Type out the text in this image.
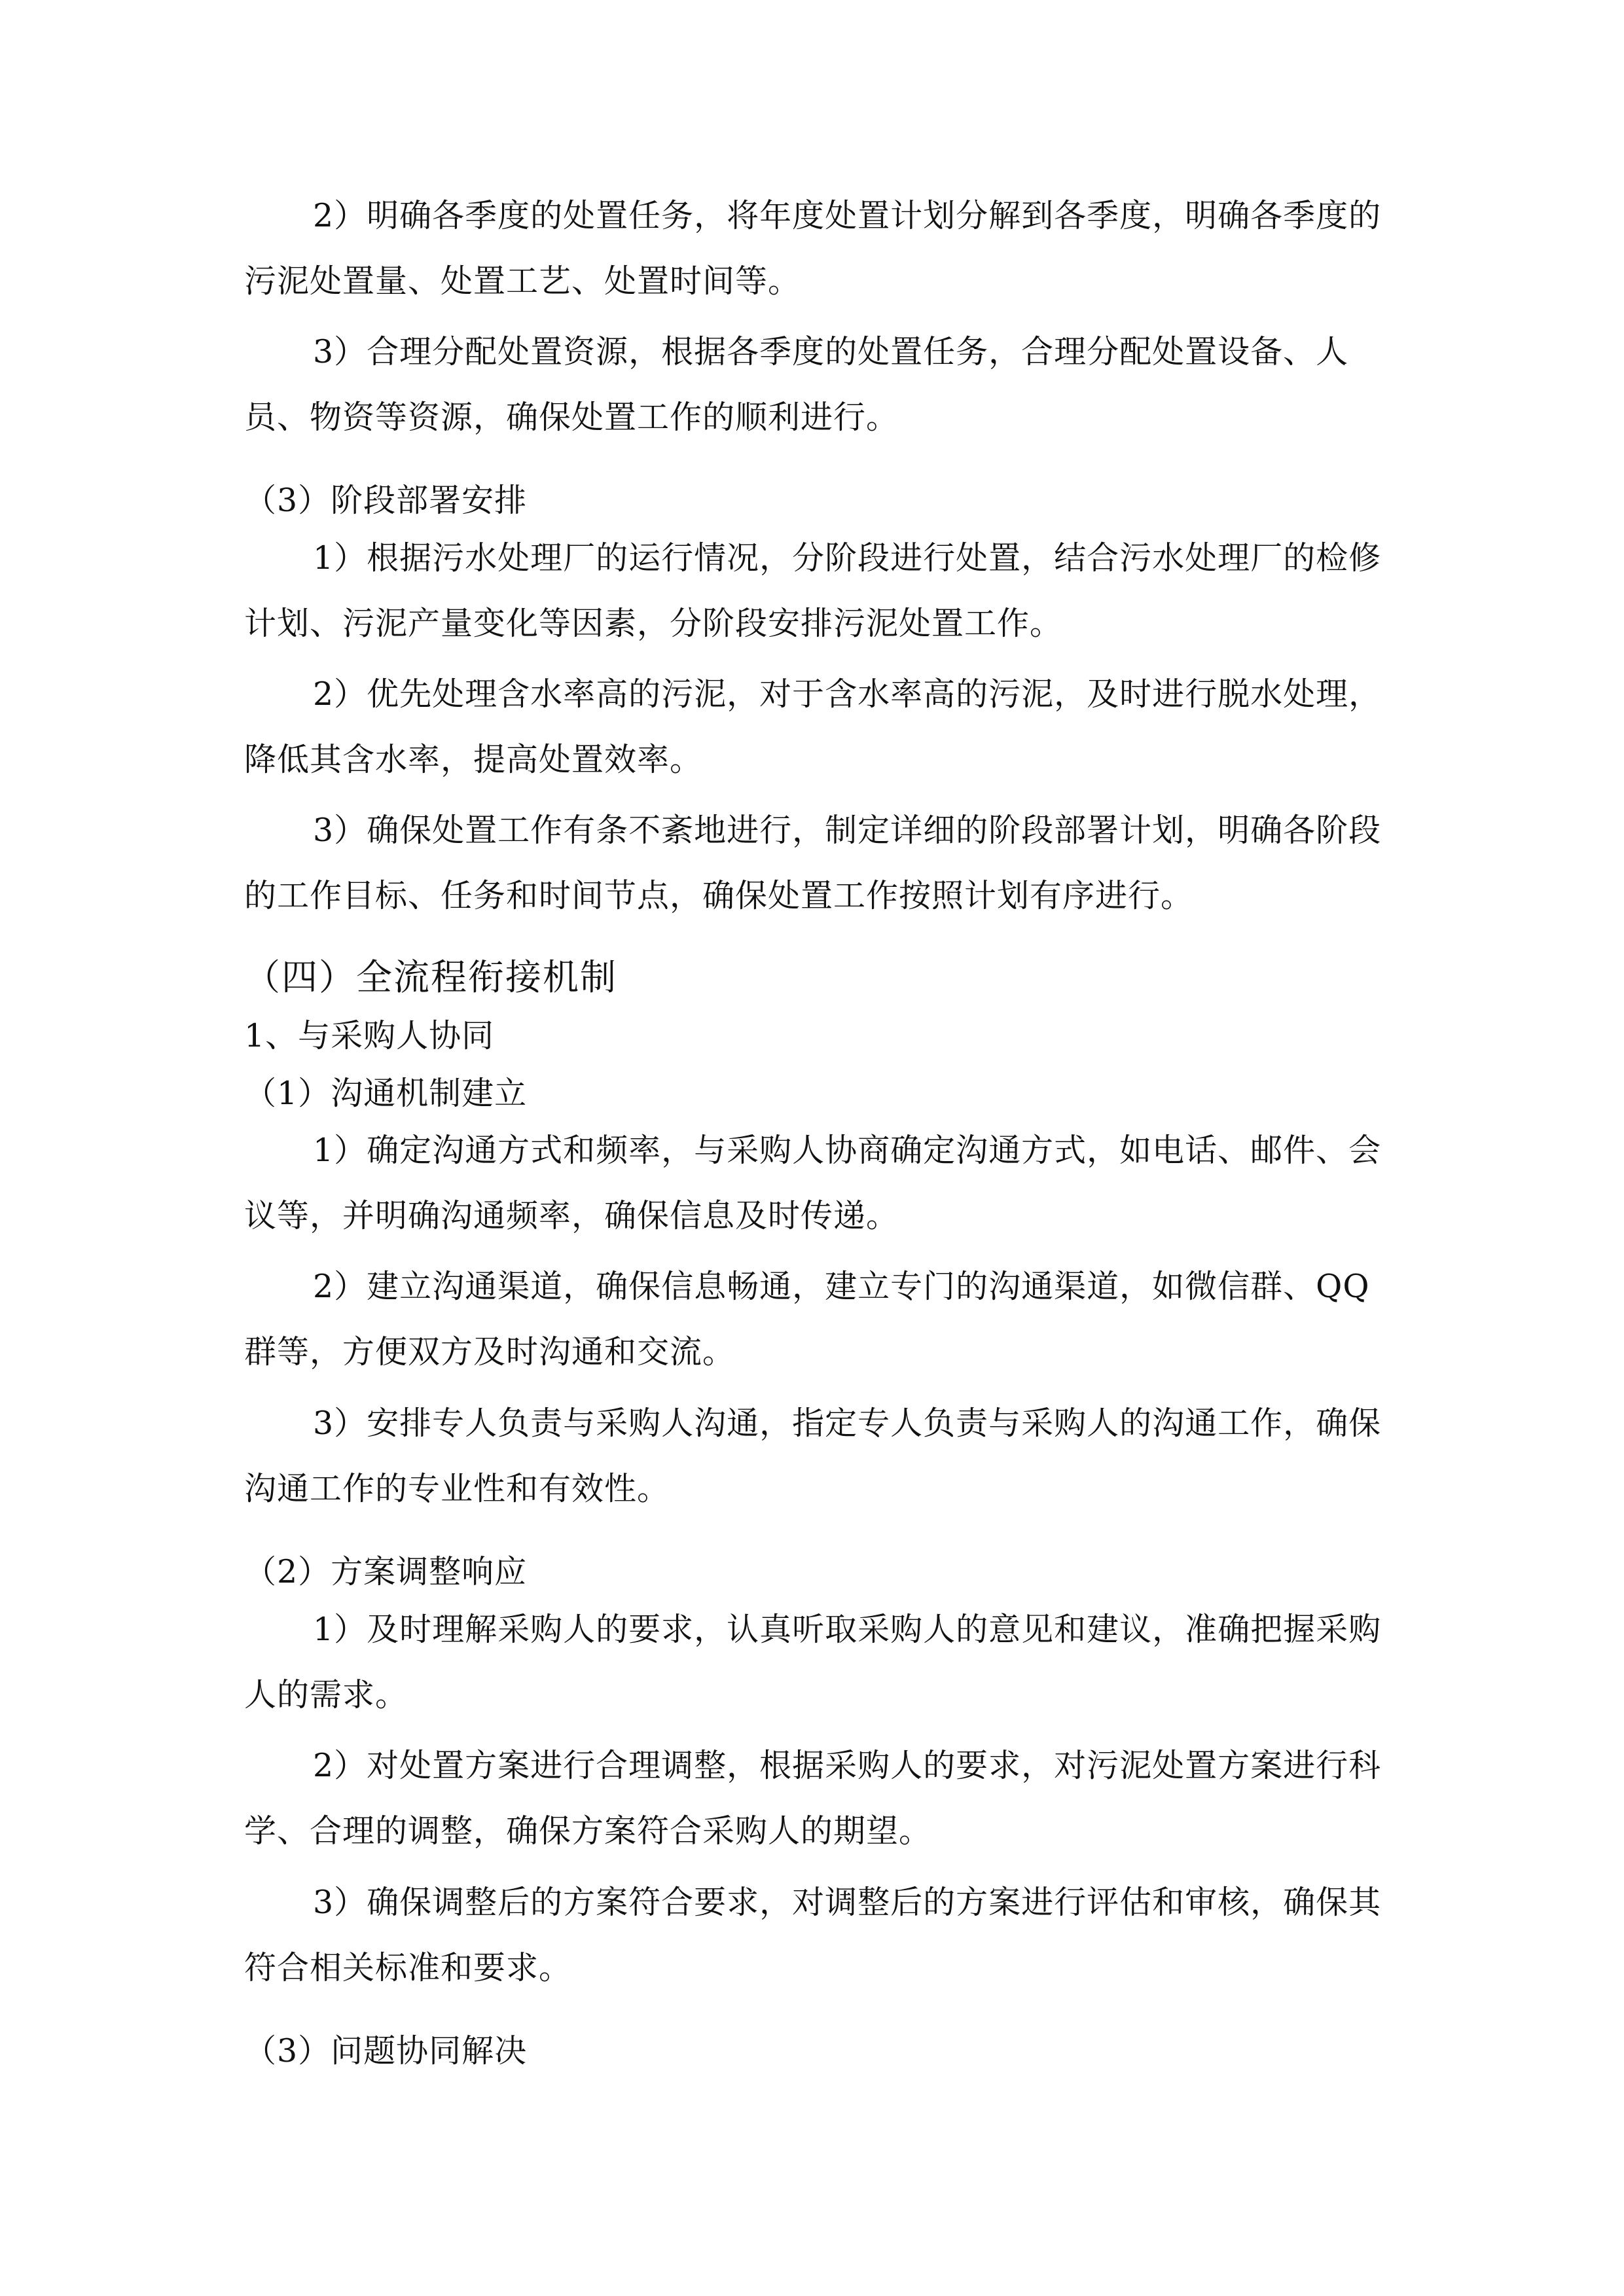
2）明确各季度的处置任务，将年度处置计划分解到各季度，明确各季度的
污泥处置量、处置工艺、处置时间等。
3）合理分配处置资源，根据各季度的处置任务，合理分配处置设备、人
员、物资等资源，确保处置工作的顺利进行。
（3）阶段部署安排
1）根据污水处理厂的运行情况，分阶段进行处置，结合污水处理厂的检修
计划、污泥产量变化等因素，分阶段安排污泥处置工作。
2）优先处理含水率高的污泥，对于含水率高的污泥，及时进行脱水处理，
降低其含水率，提高处置效率。
3）确保处置工作有条不紊地进行，制定详细的阶段部署计划，明确各阶段
的工作目标、任务和时间节点，确保处置工作按照计划有序进行。
（四）全流程衔接机制
1、与采购人协同
（1）沟通机制建立
1）确定沟通方式和频率，与采购人协商确定沟通方式，如电话、邮件、会
议等，并明确沟通频率，确保信息及时传递。
2）建立沟通渠道，确保信息畅通，建立专门的沟通渠道，如微信群、QQ
群等，方便双方及时沟通和交流。
3）安排专人负责与采购人沟通，指定专人负责与采购人的沟通工作，确保
沟通工作的专业性和有效性。
（2）方案调整响应
1）及时理解采购人的要求，认真听取采购人的意见和建议，准确把握采购
人的需求。
2）对处置方案进行合理调整，根据采购人的要求，对污泥处置方案进行科
学、合理的调整，确保方案符合采购人的期望。
3）确保调整后的方案符合要求，对调整后的方案进行评估和审核，确保其
符合相关标准和要求。
（3）问题协同解决
